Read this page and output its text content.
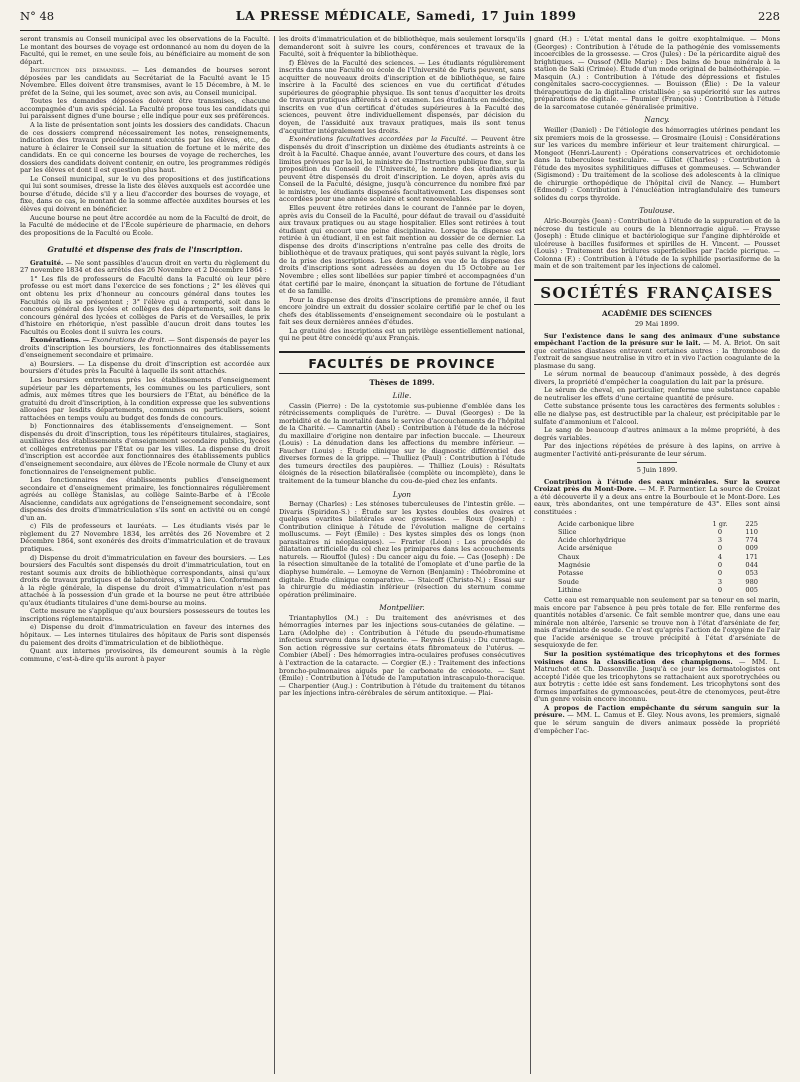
N° 48	LA PRESSE MÉDICALE, Samedi, 17 Juin 1899	228

seront transmis au Conseil municipal avec les observations de la Faculté. Le montant des bourses de voyage est ordonnancé au nom du doyen de la Faculté, qui le remet, en une seule fois, au bénéficiaire au moment de son départ.

Instruction des demandes. — Les demandes de bourses seront déposées par les candidats au Secrétariat de la Faculté avant le 15 Novembre. Elles doivent être transmises, avant le 15 Décembre, à M. le préfet de la Seine, qui les soumet, avec son avis, au Conseil municipal.

Toutes les demandes déposées doivent être transmises, chacune accompagnée d'un avis spécial. La Faculté propose tous les candidats qui lui paraissent dignes d'une bourse ; elle indique pour eux ses préférences.

A la liste de présentation sont joints les dossiers des candidats. Chacun de ces dossiers comprend nécessairement les notes, renseignements, indication des travaux précédemment exécutés par les élèves, etc., de nature à éclairer le Conseil sur la situation de fortune et le mérite des candidats. En ce qui concerne les bourses de voyage de recherches, les dossiers des candidats doivent contenir, en outre, les programmes rédigés par les élèves et dont il est question plus haut.

Le Conseil municipal, sur le vu des propositions et des justifications qui lui sont soumises, dresse la liste des élèves auxquels est accordée une bourse d'étude, décide s'il y a lieu d'accorder des bourses de voyage, et fixe, dans ce cas, le montant de la somme affectée auxdites bourses et les élèves qui doivent en bénéficier.

Aucune bourse ne peut être accordée au nom de la Faculté de droit, de la Faculté de médecine et de l'École supérieure de pharmacie, en dehors des propositions de la Faculté ou École.

Gratuité et dispense des frais de l'inscription.

Gratuité. — Ne sont passibles d'aucun droit en vertu du règlement du 27 novembre 1834 et des arrêtés des 26 Novembre et 2 Décembre 1864 :

1° Les fils de professeurs de Faculté dans la Faculté où leur père professe ou est mort dans l'exercice de ses fonctions ; 2° les élèves qui ont obtenu les prix d'honneur au concours général dans toutes les Facultés où ils se présentent ; 3° l'élève qui a remporté, soit dans le concours général des lycées et collèges des départements, soit dans le concours général des lycées et collèges de Paris et de Versailles, le prix d'histoire en rhétorique, n'est passible d'aucun droit dans toutes les Facultés ou Écoles dont il suivra les cours.

Exonérations. — Exonérations de droit. — Sont dispensés de payer les droits d'inscription les boursiers, les fonctionnaires des établissements d'enseignement secondaire et primaire.

a) Boursiers. — La dispense du droit d'inscription est accordée aux boursiers d'études près la Faculté à laquelle ils sont attachés.

Les boursiers entretenus près les établissements d'enseignement supérieur par les départements, les communes ou les particuliers, sont admis, aux mêmes titres que les boursiers de l'État, au bénéfice de la gratuité du droit d'inscription, à la condition expresse que les subventions allouées par lesdits départements, communes ou particuliers, soient rattachées en temps voulu au budget des fonds de concours.

b) Fonctionnaires des établissements d'enseignement. — Sont dispensés du droit d'inscription, tous les répétiteurs titulaires, stagiaires, auxiliaires des établissements d'enseignement secondaire publics, lycées et collèges entretenus par l'État ou par les villes. La dispense du droit d'inscription est accordée aux fonctionnaires des établissements publics d'enseignement secondaire, aux élèves de l'École normale de Cluny et aux fonctionnaires de l'enseignement public.

Les fonctionnaires des établissements publics d'enseignement secondaire et d'enseignement primaire, les fonctionnaires régulièrement agréés au collège Stanislas, au collège Sainte-Barbe et à l'École Alsacienne, candidats aux agrégations de l'enseignement secondaire, sont dispensés des droits d'immatriculation s'ils sont en activité ou en congé d'un an.

c) Fils de professeurs et lauréats. — Les étudiants visés par le règlement du 27 Novembre 1834, les arrêtés des 26 Novembre et 2 Décembre 1864, sont exonérés des droits d'immatriculation et de travaux pratiques.

d) Dispense du droit d'immatriculation en faveur des boursiers. — Les boursiers des Facultés sont dispensés du droit d'immatriculation, tout en restant soumis aux droits de bibliothèque correspondants, ainsi qu'aux droits de travaux pratiques et de laboratoires, s'il y a lieu. Conformément à la règle générale, la dispense du droit d'immatriculation n'est pas attachée à la possession d'un grade et la bourse ne peut être attribuée qu'aux étudiants titulaires d'une demi-bourse au moins.

Cette mesure ne s'applique qu'aux boursiers possesseurs de toutes les inscriptions réglementaires.

e) Dispense du droit d'immatriculation en faveur des internes des hôpitaux. — Les internes titulaires des hôpitaux de Paris sont dispensés du paiement des droits d'immatriculation et de bibliothèque.

Quant aux internes provisoires, ils demeurent soumis à la règle commune, c'est-à-dire qu'ils auront à payer

les droits d'immatriculation et de bibliothèque, mais seulement lorsqu'ils demanderont soit à suivre les cours, conférences et travaux de la Faculté, soit à fréquenter la bibliothèque.

f) Élèves de la Faculté des sciences. — Les étudiants régulièrement inscrits dans une Faculté ou école de l'Université de Paris peuvent, sans acquitter de nouveaux droits d'inscription et de bibliothèque, se faire inscrire à la Faculté des sciences en vue du certificat d'études supérieures de géographie physique. Ils sont tenus d'acquitter les droits de travaux pratiques afférents à cet examen. Les étudiants en médecine, inscrits en vue d'un certificat d'études supérieures à la Faculté des sciences, peuvent être individuellement dispensés, par décision du doyen, de l'assiduité aux travaux pratiques, mais ils sont tenus d'acquitter intégralement les droits.

Exonérations facultatives accordées par la Faculté. — Peuvent être dispensés du droit d'inscription un dixième des étudiants astreints à ce droit à la Faculté. Chaque année, avant l'ouverture des cours, et dans les limites prévues par la loi, le ministre de l'Instruction publique fixe, sur la proposition du Conseil de l'Université, le nombre des étudiants qui peuvent être dispensés du droit d'inscription. Le doyen, après avis du Conseil de la Faculté, désigne, jusqu'à concurrence du nombre fixé par le ministre, les étudiants dispensés facultativement. Les dispenses sont accordées pour une année scolaire et sont renouvelables.

Elles peuvent être retirées dans le courant de l'année par le doyen, après avis du Conseil de la Faculté, pour défaut de travail ou d'assiduité aux travaux pratiques ou au stage hospitalier. Elles sont retirées à tout étudiant qui encourt une peine disciplinaire. Lorsque la dispense est retirée à un étudiant, il en est fait mention au dossier de ce dernier. La dispense des droits d'inscriptions n'entraîne pas celle des droits de bibliothèque et de travaux pratiques, qui sont payés suivant la règle, lors de la prise des inscriptions. Les demandes en vue de la dispense des droits d'inscriptions sont adressées au doyen du 15 Octobre au 1er Novembre ; elles sont libellées sur papier timbré et accompagnées d'un état certifié par le maire, énonçant la situation de fortune de l'étudiant et de sa famille.

Pour la dispense des droits d'inscriptions de première année, il faut encore joindre un extrait du dossier scolaire certifié par le chef ou les chefs des établissements d'enseignement secondaire où le postulant a fait ses deux dernières années d'études.

La gratuité des inscriptions est un privilège essentiellement national, qui ne peut être concédé qu'aux Français.

FACULTÉS DE PROVINCE

Thèses de 1899.

Lille.

Cassin (Pierre) : De la cystotomie sus-pubienne d'emblée dans les rétrécissements compliqués de l'urètre. — Duval (Georges) : De la morbidité et de la mortalité dans le service d'accouchements de l'hôpital de la Charité. — Camnartin (Abel) : Contribution à l'étude de la nécrose du maxillaire d'origine non dentaire par infection buccale. — Lheureux (Louis) : La dénudation dans les affections du membre inférieur. — Faucher (Louis) : Étude clinique sur le diagnostic différentiel des diverses formes de la grippe. — Thulliez (Paul) : Contribution à l'étude des tumeurs érectiles des paupières. — Thilliez (Louis) : Résultats éloignés de la résection bilatéralisée (complète ou incomplète), dans le traitement de la tumeur blanche du cou-de-pied chez les enfants.

Lyon

Bernay (Charles) : Les sténoses tuberculeuses de l'intestin grêle. — Divaris (Spiridon-S.) : Étude sur les kystes doubles des ovaires et quelques ovarites bilatérales avec grossesse. — Roux (Joseph) : Contribution clinique à l'étude de l'évolution maligne de certains molluscums. — Feyt (Émile) : Des kystes simples des os longs (non parasitaires ni néoplasiques). — Frarier (Léon) : Les procédés de dilatation artificielle du col chez les primipares dans les accouchements naturels. — Riouffol (Jules) : Du cancer aigu du foie. — Cas (Joseph) : De la résection simultanée de la totalité de l'omoplate et d'une partie de la diaphyse humérale. — Lemoyne de Vernon (Benjamin) : Théobromine et digitale. Étude clinique comparative. — Staicoff (Christo-N.) : Essai sur la chirurgie du médiastin inférieur (résection du sternum comme opération préliminaire.

Montpellier.

Triantaphyllos (M.) : Du traitement des anévrismes et des hémorragies internes par les injections sous-cutanées de gélatine. — Lara (Adolphe de) : Contribution à l'étude du pseudo-rhumatisme infectieux survenu dans la dysenterie. — Reynès (Louis) : Du curettage. Son action régressive sur certains états fibromateux de l'utérus. — Combier (Abel) : Des hémorragies intra-oculaires profuses consécutives à l'extraction de la cataracte. — Corgier (E.) : Traitement des infections broncho-pulmonaires aiguës par le carbonate de créosote. — Sant (Émile) : Contribution à l'étude de l'amputation intrascapulo-thoracique. — Charpentier (Aug.) : Contribution à l'étude du traitement du tétanos par les injections intra-cérébrales de sérum antitoxique. — Plai-

gnard (H.) : L'état mental dans le goitre exophtalmique. — Mons (Georges) : Contribution à l'étude de la pathogénie des vomissements incoercibles de la grossesse. — Cros (Jules) : De la péricardite aiguë des brightiques. — Oussof (Mlle Marie) : Des bains de boue minérale à la station de Saki (Crimée). Étude d'un mode original de balnéothérapie. — Masquin (A.) : Contribution à l'étude des dépressions et fistules congénitales sacro-coccygiennes. — Bouisson (Élie) : De la valeur thérapeutique de la digitaline cristallisée ; sa supériorité sur les autres préparations de digitale. — Paumier (François) : Contribution à l'étude de la sarcomatose cutanée généralisée primitive.

Nancy.

Weiller (Daniel) : De l'étiologie des hémorragies utérines pendant les six premiers mois de la grossesse. — Grosmaire (Louis) : Considérations sur les varices du membre inférieur et leur traitement chirurgical. — Mongeot (Henri-Laurent) : Opérations conservatrices et orchidotomie dans la tuberculose testiculaire. — Gillet (Charles) : Contribution à l'étude des myosites syphilitiques diffuses et gommeuses. — Schwander (Sigismond) : Du traitement de la scoliose des adolescents à la clinique de chirurgie orthopédique de l'hôpital civil de Nancy. — Humbert (Edmond) : Contribution à l'énucléation intraglandulaire des tumeurs solides du corps thyroïde.

Toulouse.

Alric-Bourgès (Jean) : Contribution à l'étude de la suppuration et de la nécrose du testicule au cours de la blennorragie aiguë. — Fraysse (Joseph) : Étude clinique et bactériologique sur l'angine diphtéroïde et ulcéreuse à bacilles fusiformes et spirilles de H. Vincent. — Pousset (Louis) : Traitement des brûlures superficielles par l'acide picrique. — Colonna (F.) : Contribution à l'étude de la syphilide psoriasiforme de la main et de son traitement par les injections de calomel.

SOCIÉTÉS FRANÇAISES

ACADÉMIE DES SCIENCES

29 Mai 1899.

Sur l'existence dans le sang des animaux d'une substance empêchant l'action de la présure sur le lait. — M. A. Briot. On sait que certaines diastases entravent certaines autres : la thrombose de l'extrait de sangsue neutralise in vitro et in vivo l'action coagulante de la plasmase du sang.

Le sérum normal de beaucoup d'animaux possède, à des degrés divers, la propriété d'empêcher la coagulation du lait par la présure.

Le sérum de cheval, en particulier, renferme une substance capable de neutraliser les effets d'une certaine quantité de présure.

Cette substance présente tous les caractères des ferments solubles : elle ne dialyse pas, est destructible par la chaleur, est précipitable par le sulfate d'ammonium et l'alcool.

Le sang de beaucoup d'autres animaux a la même propriété, à des degrés variables.

Par des injections répétées de présure à des lapins, on arrive à augmenter l'activité anti-présurante de leur sérum.

5 Juin 1899.

Contribution à l'étude des eaux minérales. Sur la source Croizat près du Mont-Dore. — M. F. Parmentier. La source de Croizat a été découverte il y a deux ans entre la Bourboule et le Mont-Dore. Les eaux, très abondantes, ont une température de 43°. Elles sont ainsi constituées :

Acide carbonique libre	1 gr.	225
Silice	0	110
Acide chlorhydrique	3	774
Acide arsénique	0	009
Chaux	4	171
Magnésie	0	044
Potasse	0	053
Soude	3	980
Lithine	0	005

Cette eau est remarquable non seulement par sa teneur en sel marin, mais encore par l'absence à peu près totale de fer. Elle renferme des quantités notables d'arsenic. Ce fait semble montrer que, dans une eau minérale non altérée, l'arsenic se trouve non à l'état d'arséniate de fer, mais d'arséniate de soude. Ce n'est qu'après l'action de l'oxygène de l'air que l'acide arsénique se trouve précipité à l'état d'arséniate de sesquioxyde de fer.

Sur la position systématique des tricophytons et des formes voisines dans la classification des champignons. — MM. L. Matruchot et Ch. Dassonville. Jusqu'à ce jour les dermatologistes ont accepté l'idée que les tricophytons se rattachaient aux sporotrychées ou aux botrytis : cette idée est sans fondement. Les tricophytons sont des formes imparfaites de gymnoascées, peut-être de ctenomyces, peut-être d'un genre voisin encore inconnu.

A propos de l'action empêchante du sérum sanguin sur la présure. — MM. L. Camus et E. Gley. Nous avons, les premiers, signalé que le sérum sanguin de divers animaux possède la propriété d'empêcher l'ac-
